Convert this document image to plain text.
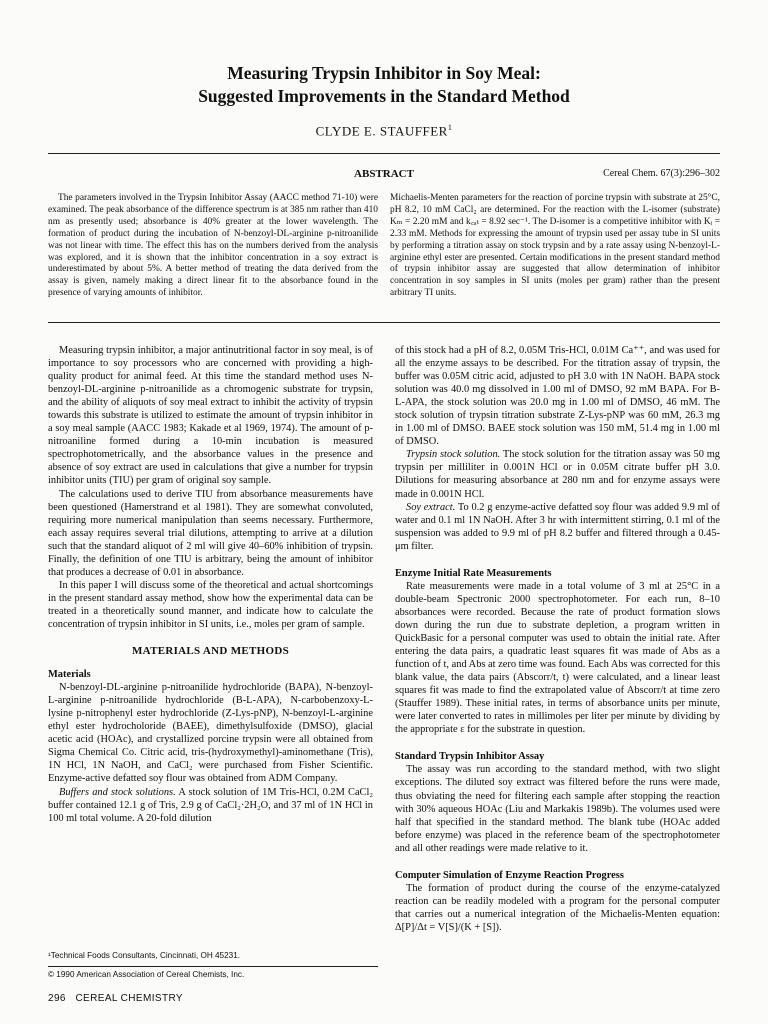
Measuring Trypsin Inhibitor in Soy Meal:
Suggested Improvements in the Standard Method
CLYDE E. STAUFFER$^1$
ABSTRACT	Cereal Chem. 67(3):296–302

The parameters involved in the Trypsin Inhibitor Assay (AACC method 71-10) were examined. The peak absorbance of the difference spectrum is at 385 nm rather than 410 nm as presently used; absorbance is 40% greater at the lower wavelength. The formation of product during the incubation of N-benzoyl-DL-arginine p-nitroanilide was not linear with time. The effect this has on the numbers derived from the analysis was explored, and it is shown that the inhibitor concentration in a soy extract is underestimated by about 5%. A better method of treating the data derived from the assay is given, namely making a direct linear fit to the absorbance found in the presence of varying amounts of inhibitor.

Michaelis-Menten parameters for the reaction of porcine trypsin with substrate at 25°C, pH 8.2, 10 mM CaCl₂ are determined. For the reaction with the L-isomer (substrate) Kₘ = 2.20 mM and k꜀ₐₜ = 8.92 sec⁻¹. The D-isomer is a competitive inhibitor with Kᵢ = 2.33 mM. Methods for expressing the amount of trypsin used per assay tube in SI units by performing a titration assay on stock trypsin and by a rate assay using N-benzoyl-L-arginine ethyl ester are presented. Certain modifications in the present standard method of trypsin inhibitor assay are suggested that allow determination of inhibitor concentration in soy samples in SI units (moles per gram) rather than the present arbitrary TI units.

Measuring trypsin inhibitor, a major antinutritional factor in soy meal, is of importance to soy processors who are concerned with providing a high-quality product for animal feed. At this time the standard method uses N-benzoyl-DL-arginine p-nitroanilide as a chromogenic substrate for trypsin, and the ability of aliquots of soy meal extract to inhibit the activity of trypsin towards this substrate is utilized to estimate the amount of trypsin inhibitor in a soy meal sample (AACC 1983; Kakade et al 1969, 1974). The amount of p-nitroaniline formed during a 10-min incubation is measured spectrophotometrically, and the absorbance values in the presence and absence of soy extract are used in calculations that give a number for trypsin inhibitor units (TIU) per gram of original soy sample.

The calculations used to derive TIU from absorbance measurements have been questioned (Hamerstrand et al 1981). They are somewhat convoluted, requiring more numerical manipulation than seems necessary. Furthermore, each assay requires several trial dilutions, attempting to arrive at a dilution such that the standard aliquot of 2 ml will give 40–60% inhibition of trypsin. Finally, the definition of one TIU is arbitrary, being the amount of inhibitor that produces a decrease of 0.01 in absorbance.

In this paper I will discuss some of the theoretical and actual shortcomings in the present standard assay method, show how the experimental data can be treated in a theoretically sound manner, and indicate how to calculate the concentration of trypsin inhibitor in SI units, i.e., moles per gram of sample.

MATERIALS AND METHODS
Materials

N-benzoyl-DL-arginine p-nitroanilide hydrochloride (BAPA), N-benzoyl-L-arginine p-nitroanilide hydrochloride (B-L-APA), N-carbobenzoxy-L-lysine p-nitrophenyl ester hydrochloride (Z-Lys-pNP), N-benzoyl-L-arginine ethyl ester hydrocholoride (BAEE), dimethylsulfoxide (DMSO), glacial acetic acid (HOAc), and crystallized porcine trypsin were all obtained from Sigma Chemical Co. Citric acid, tris-(hydroxymethyl)-aminomethane (Tris), 1N HCl, 1N NaOH, and CaCl₂ were purchased from Fisher Scientific. Enzyme-active defatted soy flour was obtained from ADM Company.

Buffers and stock solutions. A stock solution of 1M Tris-HCl, 0.2M CaCl₂ buffer contained 12.1 g of Tris, 2.9 g of CaCl₂·2H₂O, and 37 ml of 1N HCl in 100 ml total volume. A 20-fold dilution

of this stock had a pH of 8.2, 0.05M Tris-HCl, 0.01M Ca⁺⁺, and was used for all the enzyme assays to be described. For the titration assay of trypsin, the buffer was 0.05M citric acid, adjusted to pH 3.0 with 1N NaOH. BAPA stock solution was 40.0 mg dissolved in 1.00 ml of DMSO, 92 mM BAPA. For B-L-APA, the stock solution was 20.0 mg in 1.00 ml of DMSO, 46 mM. The stock solution of trypsin titration substrate Z-Lys-pNP was 60 mM, 26.3 mg in 1.00 ml of DMSO. BAEE stock solution was 150 mM, 51.4 mg in 1.00 ml of DMSO.

Trypsin stock solution. The stock solution for the titration assay was 50 mg trypsin per milliliter in 0.001N HCl or in 0.05M citrate buffer pH 3.0. Dilutions for measuring absorbance at 280 nm and for enzyme assays were made in 0.001N HCl.

Soy extract. To 0.2 g enzyme-active defatted soy flour was added 9.9 ml of water and 0.1 ml 1N NaOH. After 3 hr with intermittent stirring, 0.1 ml of the suspension was added to 9.9 ml of pH 8.2 buffer and filtered through a 0.45-μm filter.

Enzyme Initial Rate Measurements

Rate measurements were made in a total volume of 3 ml at 25°C in a double-beam Spectronic 2000 spectrophotometer. For each run, 8–10 absorbances were recorded. Because the rate of product formation slows down during the run due to substrate depletion, a program written in QuickBasic for a personal computer was used to obtain the initial rate. After entering the data pairs, a quadratic least squares fit was made of Abs as a function of t, and Abs at zero time was found. Each Abs was corrected for this blank value, the data pairs (Abscorr/t, t) were calculated, and a linear least squares fit was made to find the extrapolated value of Abscorr/t at time zero (Stauffer 1989). These initial rates, in terms of absorbance units per minute, were later converted to rates in millimoles per liter per minute by dividing by the appropriate ε for the substrate in question.

Standard Trypsin Inhibitor Assay

The assay was run according to the standard method, with two slight exceptions. The diluted soy extract was filtered before the runs were made, thus obviating the need for filtering each sample after stopping the reaction with 30% aqueous HOAc (Liu and Markakis 1989b). The volumes used were half that specified in the standard method. The blank tube (HOAc added before enzyme) was placed in the reference beam of the spectrophotometer and all other readings were made relative to it.

Computer Simulation of Enzyme Reaction Progress

The formation of product during the course of the enzyme-catalyzed reaction can be readily modeled with a program for the personal computer that carries out a numerical integration of the Michaelis-Menten equation: Δ[P]/Δt = V[S]/(K + [S]).

¹Technical Foods Consultants, Cincinnati, OH 45231.
© 1990 American Association of Cereal Chemists, Inc.
296 CEREAL CHEMISTRY
